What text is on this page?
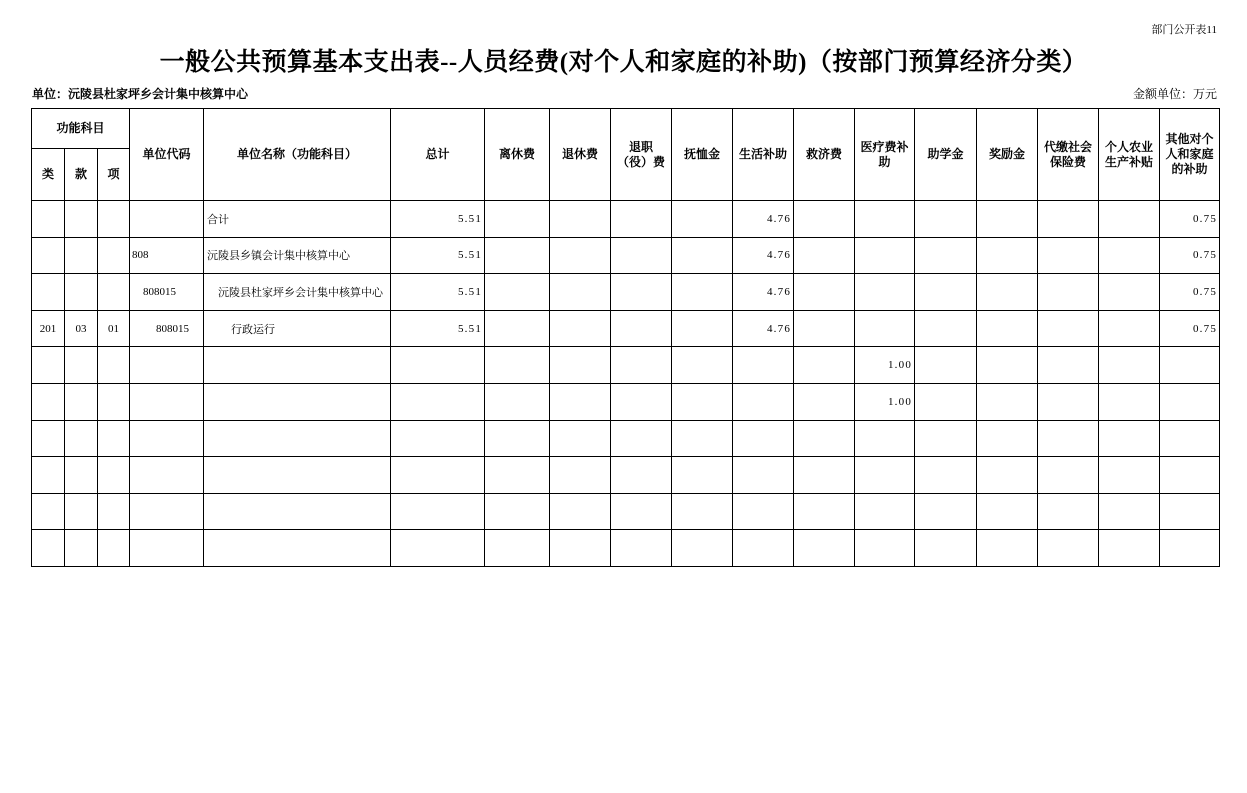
部门公开表11
一般公共预算基本支出表--人员经费(对个人和家庭的补助)（按部门预算经济分类）
单位：沅陵县杜家坪乡会计集中核算中心	金额单位：万元
功能科目			单位代码	单位名称（功能科目）	总计	离休费	退休费	退职（役）费	抚恤金	生活补助	救济费	医疗费补助	助学金	奖励金	代缴社会保险费	个人农业生产补贴	其他对个人和家庭的补助
类	款	项															
				合计	5.51					4.76							0.75
			808	沅陵县乡镇会计集中核算中心	5.51					4.76							0.75
			808015	沅陵县杜家坪乡会计集中核算中心	5.51					4.76							0.75
201	03	01	808015	行政运行	5.51					4.76							0.75
												1.00					
												1.00					
